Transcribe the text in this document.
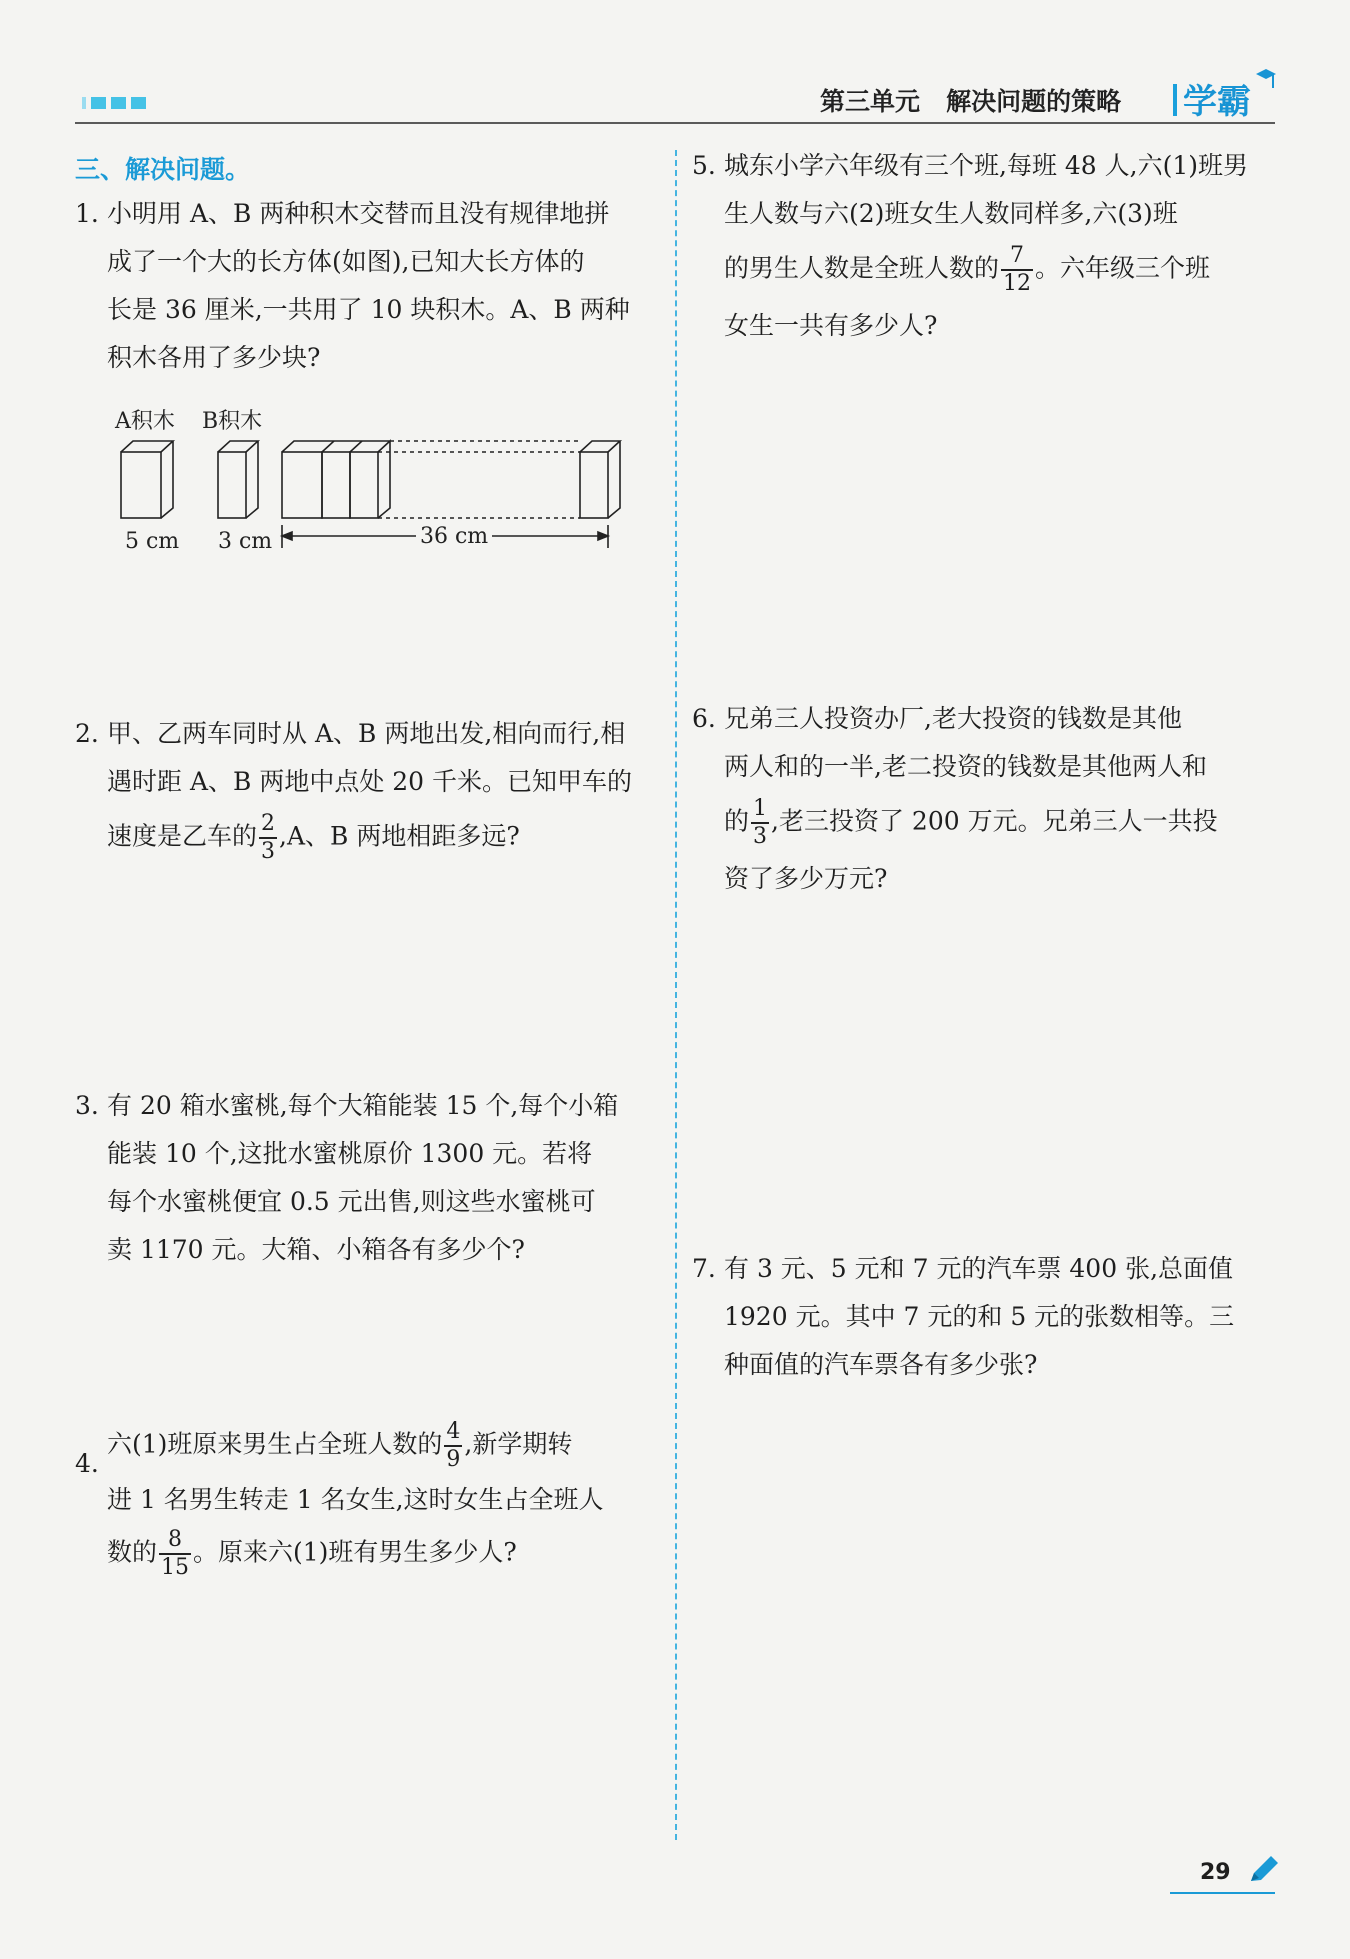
第三单元   解决问题的策略 学霸
三、解决问题。
1. 小明用 A、B 两种积木交替而且没有规律地拼
成了一个大的长方体(如图),已知大长方体的
长是 36 厘米,一共用了 10 块积木。A、B 两种
积木各用了多少块?
A积木 B积木
36 cm
5 cm 3 cm
2. 甲、乙两车同时从 A、B 两地出发,相向而行,相
遇时距 A、B 两地中点处 20 千米。已知甲车的
速度是乙车的 $\frac{2}{3} ,A$、B 两地相距多远?
3. 有 20 箱水蜜桃,每个大箱能装 15 个,每个小箱
能装 10 个,这批水蜜桃原价 1300 元。若将
每个水蜜桃便宜 0.5 元出售,则这些水蜜桃可
卖 1170 元。大箱、小箱各有多少个?
4.
六(1)班原来男生占全班人数的 $\frac{4}{9}$ ,新学期转
进 1 名男生转走 1 名女生,这时女生占全班人
数的 $\frac{8}{15}$ 。原来六(1)班有男生多少人?
5. 城东小学六年级有三个班,每班 48 人,六(1)班男
生人数与六(2)班女生人数同样多,六(3)班
的男生人数是全班人数的 $\frac{7}{12}$ 。六年级三个班
女生一共有多少人?
6. 兄弟三人投资办厂,老大投资的钱数是其他
两人和的一半,老二投资的钱数是其他两人和
的 $\frac{1}{3}$ ,老三投资了 200 万元。兄弟三人一共投
资了多少万元?
7. 有 3 元、5 元和 7 元的汽车票 400 张,总面值
1920 元。其中 7 元的和 5 元的张数相等。三
种面值的汽车票各有多少张?
29
